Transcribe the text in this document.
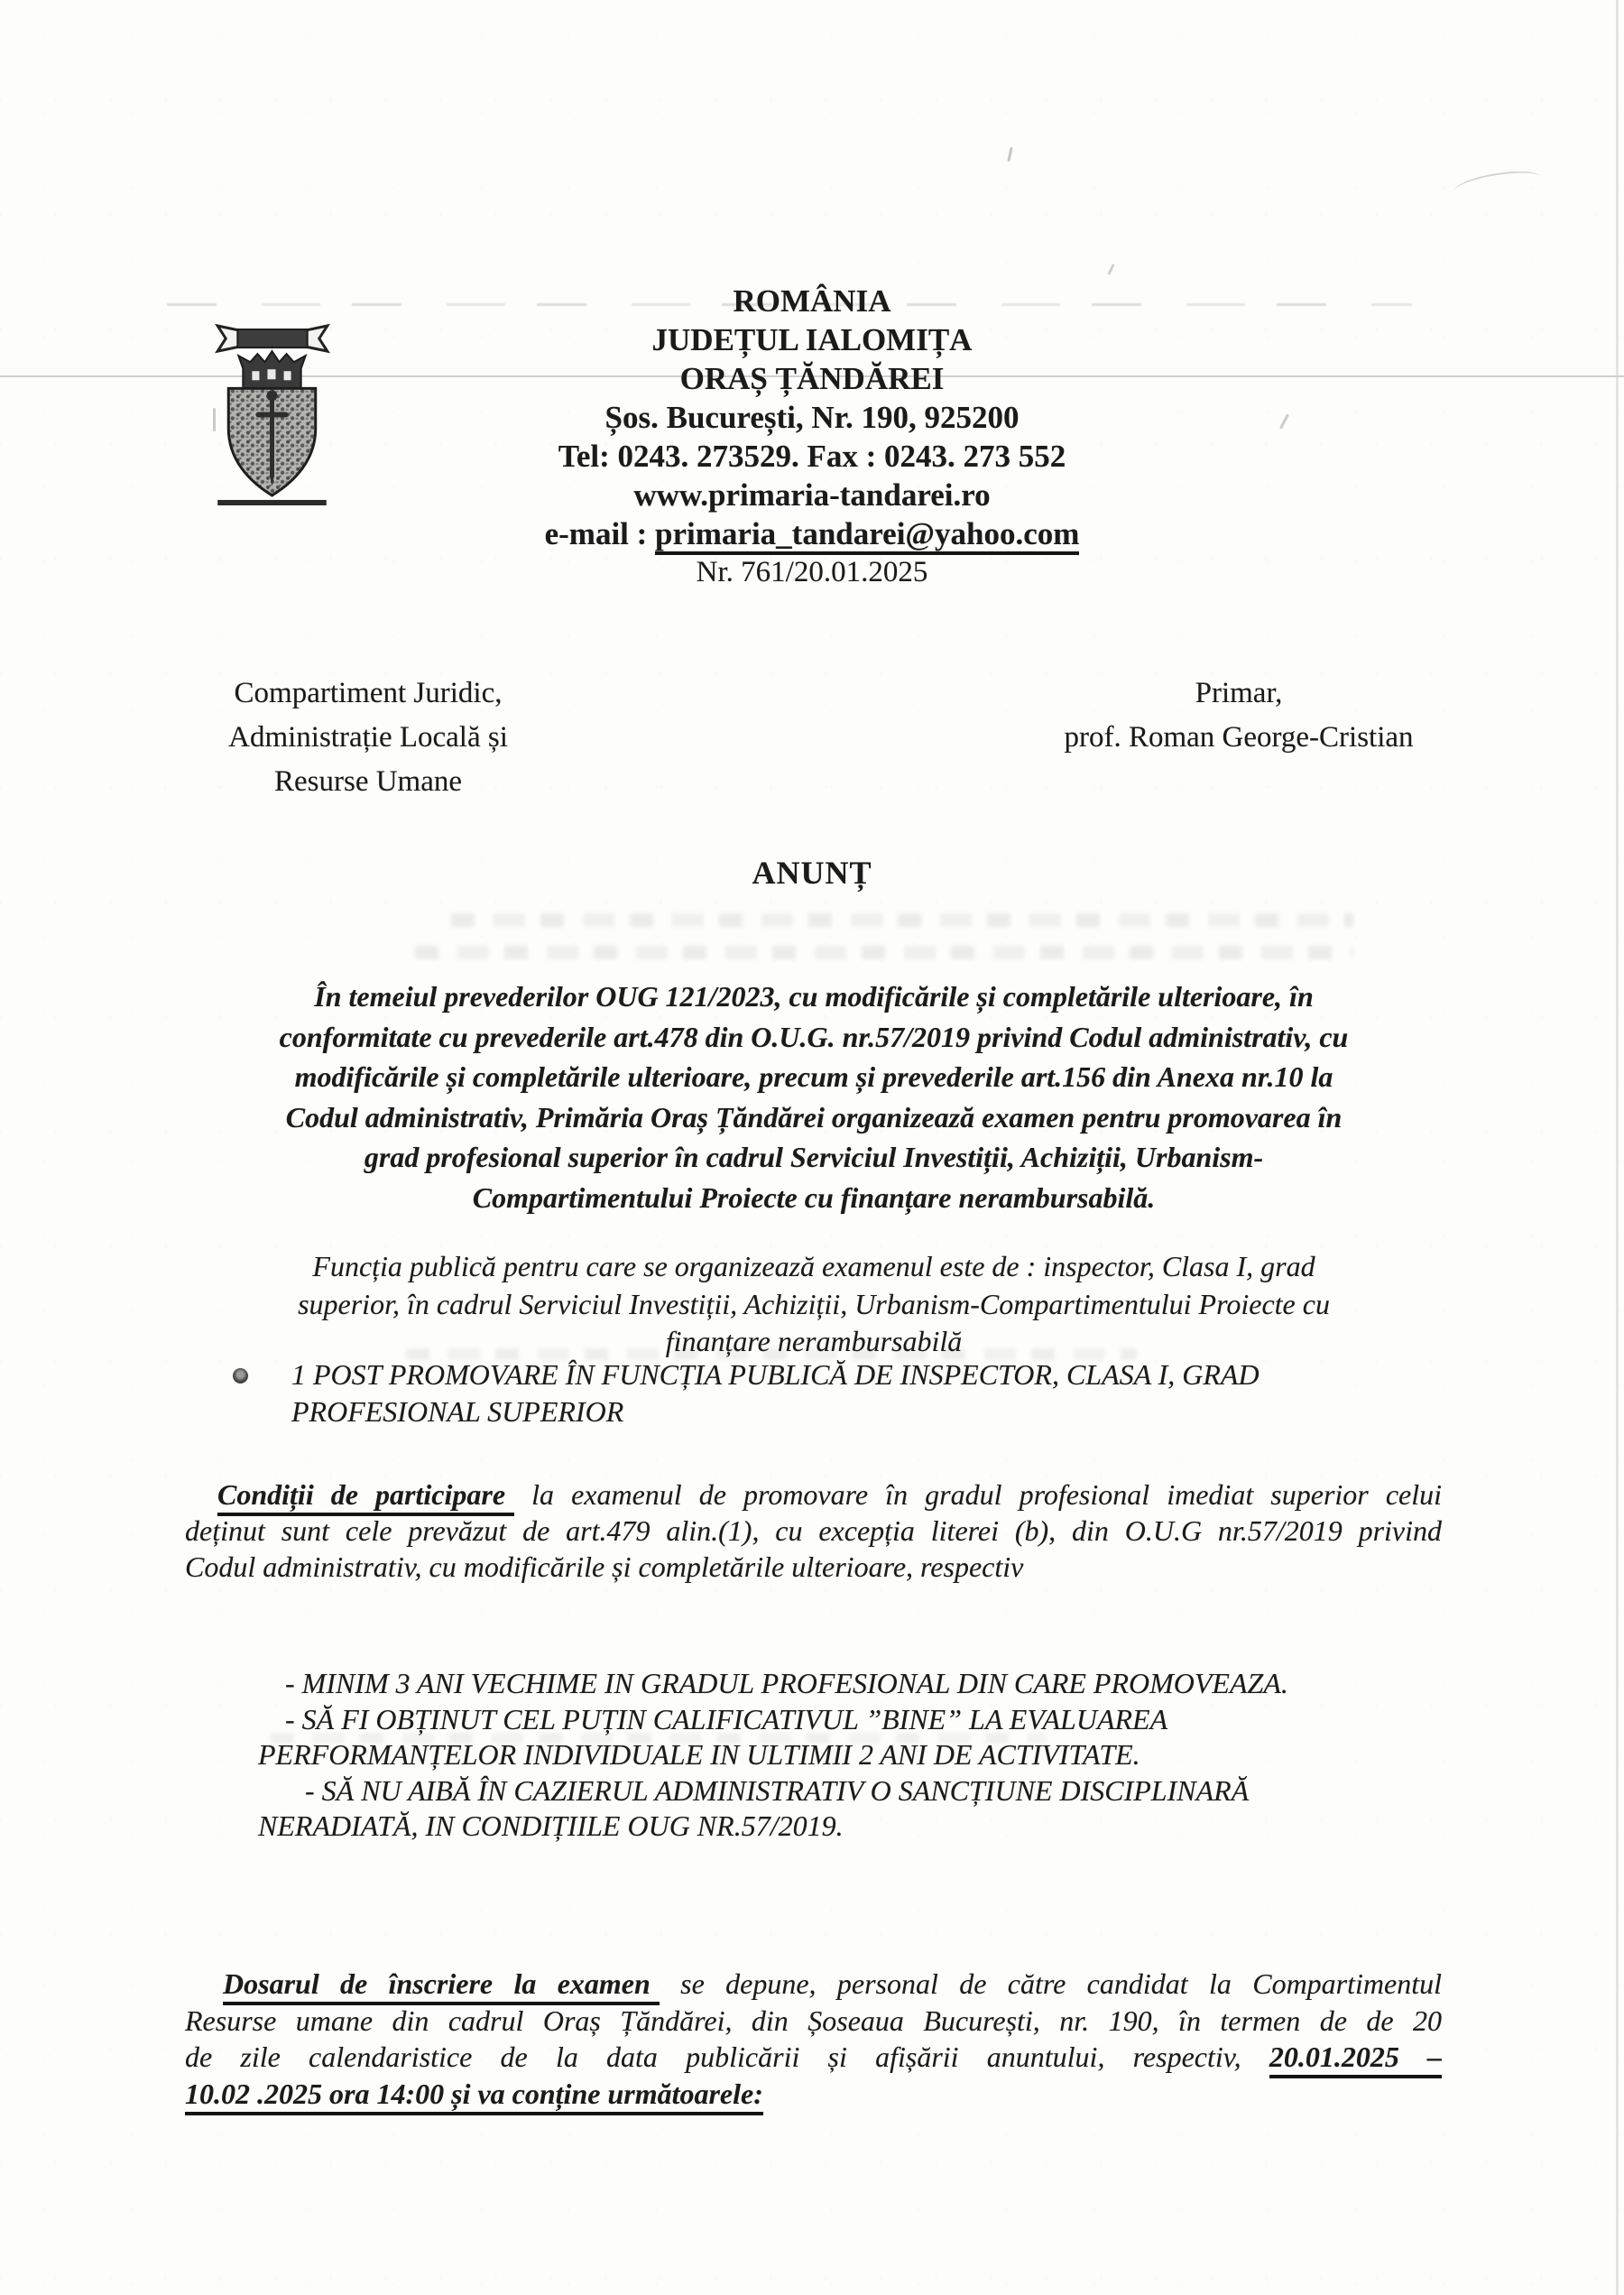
ROMÂNIA
JUDEȚUL IALOMIȚA
ORAȘ ȚĂNDĂREI
Șos. București, Nr. 190, 925200
Tel: 0243. 273529. Fax : 0243. 273 552
www.primaria-tandarei.ro
e-mail : primaria_tandarei@yahoo.com
Nr. 761/20.01.2025
Compartiment Juridic,
Administrație Locală și
Resurse Umane
Primar,
prof. Roman George-Cristian
ANUNȚ
În temeiul prevederilor OUG 121/2023, cu modificările și completările ulterioare, în
conformitate cu prevederile art.478 din O.U.G. nr.57/2019 privind Codul administrativ, cu
modificările și completările ulterioare, precum și prevederile art.156 din Anexa nr.10 la
Codul administrativ, Primăria Oraș Țăndărei organizează examen pentru promovarea în
grad profesional superior în cadrul Serviciul Investiții, Achiziții, Urbanism-
Compartimentului Proiecte cu finanțare nerambursabilă.
Funcția publică pentru care se organizează examenul este de : inspector, Clasa I, grad
superior, în cadrul Serviciul Investiții, Achiziții, Urbanism-Compartimentului Proiecte cu
finanțare nerambursabilă
1 POST PROMOVARE ÎN FUNCȚIA PUBLICĂ DE INSPECTOR, CLASA I, GRAD
PROFESIONAL SUPERIOR
Condiții de participare la examenul de promovare în gradul profesional imediat superior celui
deținut sunt cele prevăzut de art.479 alin.(1), cu excepția literei (b), din O.U.G nr.57/2019 privind
Codul administrativ, cu modificările și completările ulterioare, respectiv
- MINIM 3 ANI VECHIME IN GRADUL PROFESIONAL DIN CARE PROMOVEAZA.
- SĂ FI OBȚINUT CEL PUȚIN CALIFICATIVUL ”BINE” LA EVALUAREA
PERFORMANȚELOR INDIVIDUALE IN ULTIMII 2 ANI DE ACTIVITATE.
- SĂ NU AIBĂ ÎN CAZIERUL ADMINISTRATIV O SANCȚIUNE DISCIPLINARĂ
NERADIATĂ, IN CONDIȚIILE OUG NR.57/2019.
Dosarul de înscriere la examen se depune, personal de către candidat la Compartimentul
Resurse umane din cadrul Oraș Țăndărei, din Șoseaua București, nr. 190, în termen de de 20
de zile calendaristice de la data publicării și afișării anuntului, respectiv, 20.01.2025 –
10.02 .2025 ora 14:00 și va conține următoarele:
